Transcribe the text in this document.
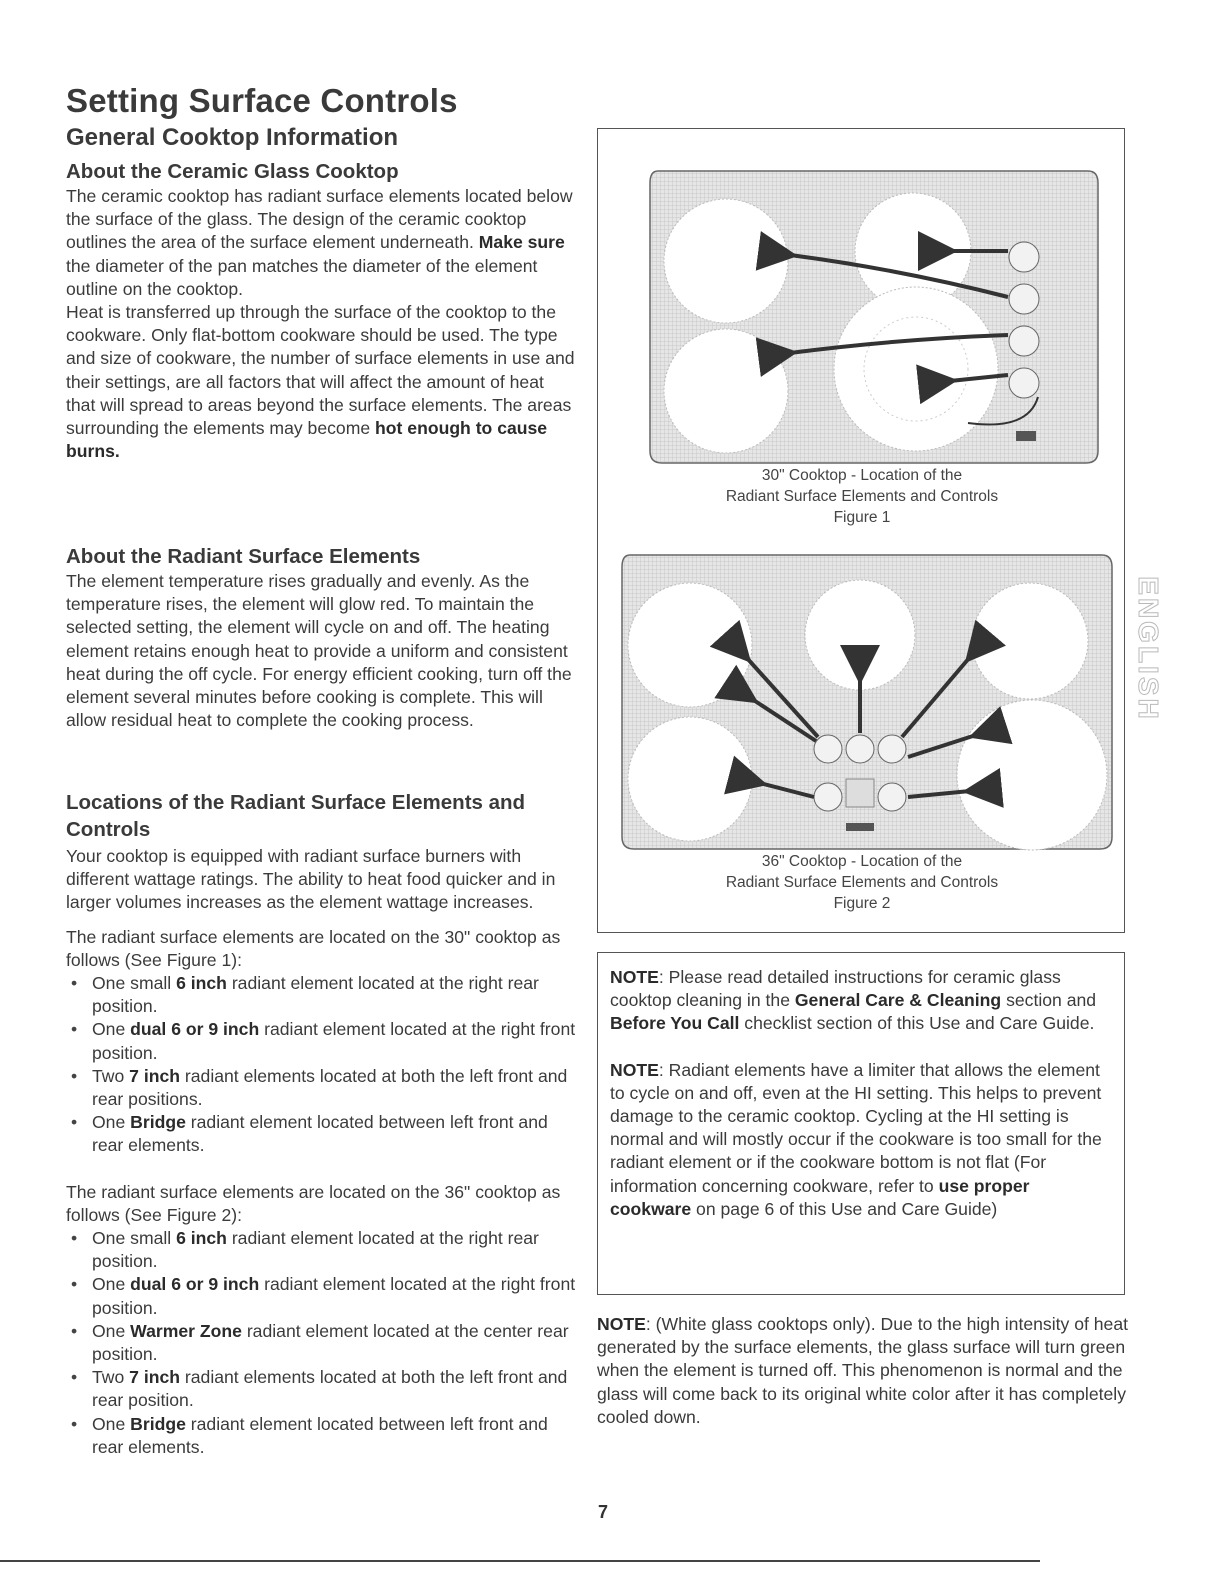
Setting Surface Controls
General Cooktop Information
About the Ceramic Glass Cooktop

The ceramic cooktop has radiant surface elements located below the surface of the glass. The design of the ceramic cooktop outlines the area of the surface element underneath. Make sure the diameter of the pan matches the diameter of the element outline on the cooktop.

Heat is transferred up through the surface of the cooktop to the cookware. Only flat-bottom cookware should be used. The type and size of cookware, the number of surface elements in use and their settings, are all factors that will affect the amount of heat that will spread to areas beyond the surface elements. The areas surrounding the elements may become hot enough to cause burns.

About the Radiant Surface Elements

The element temperature rises gradually and evenly. As the temperature rises, the element will glow red. To maintain the selected setting, the element will cycle on and off. The heating element retains enough heat to provide a uniform and consistent heat during the off cycle. For energy efficient cooking, turn off the element several minutes before cooking is complete. This will allow residual heat to complete the cooking process.

Locations of the Radiant Surface Elements and Controls

Your cooktop is equipped with radiant surface burners with different wattage ratings. The ability to heat food quicker and in larger volumes increases as the element wattage increases.

The radiant surface elements are located on the 30" cooktop as follows (See Figure 1):

• One small 6 inch radiant element located at the right rear position.
• One dual 6 or 9 inch radiant element located at the right front position.
• Two 7 inch radiant elements located at both the left front and rear positions.
• One Bridge radiant element located between left front and rear elements.

The radiant surface elements are located on the 36" cooktop as follows (See Figure 2):

• One small 6 inch radiant element located at the right rear position.
• One dual 6 or 9 inch radiant element located at the right front position.
• One Warmer Zone radiant element located at the center rear position.
• Two 7 inch radiant elements located at both the left front and rear position.
• One Bridge radiant element located between left front and rear elements.
30" Cooktop - Location of the
Radiant Surface Elements and Controls
Figure 1
36" Cooktop - Location of the
Radiant Surface Elements and Controls
Figure 2

NOTE: Please read detailed instructions for ceramic glass cooktop cleaning in the General Care & Cleaning section and Before You Call checklist section of this Use and Care Guide.

NOTE: Radiant elements have a limiter that allows the element to cycle on and off, even at the HI setting. This helps to prevent damage to the ceramic cooktop. Cycling at the HI setting is normal and will mostly occur if the cookware is too small for the radiant element or if the cookware bottom is not flat (For information concerning cookware, refer to use proper cookware on page 6 of this Use and Care Guide)

NOTE: (White glass cooktops only). Due to the high intensity of heat generated by the surface elements, the glass surface will turn green when the element is turned off. This phenomenon is normal and the glass will come back to its original white color after it has completely cooled down.

ENGLISH
7
